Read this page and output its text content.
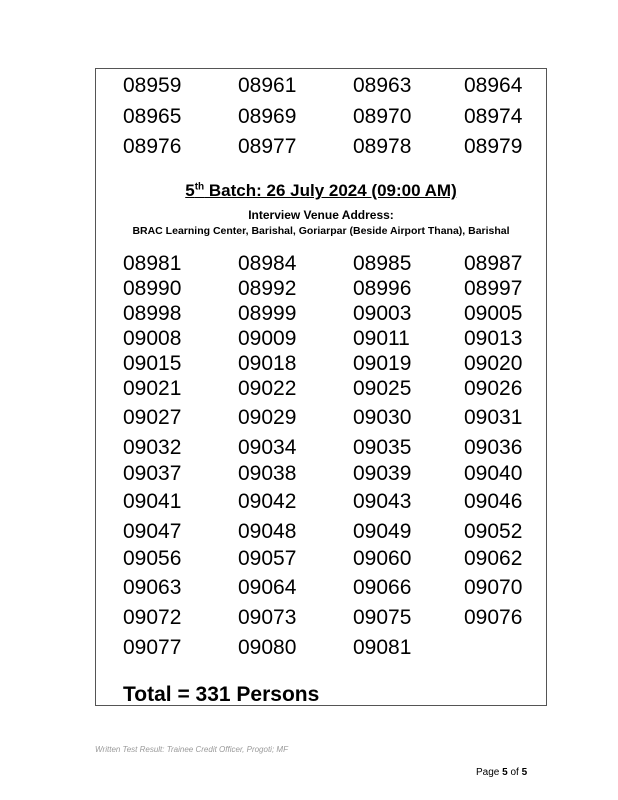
08959	08961	08963	08964
08965	08969	08970	08974
08976	08977	08978	08979
5th Batch: 26 July 2024 (09:00 AM)
Interview Venue Address:
BRAC Learning Center, Barishal, Goriarpar (Beside Airport Thana), Barishal
08981	08984	08985	08987
08990	08992	08996	08997
08998	08999	09003	09005
09008	09009	09011	09013
09015	09018	09019	09020
09021	09022	09025	09026
09027	09029	09030	09031
09032	09034	09035	09036
09037	09038	09039	09040
09041	09042	09043	09046
09047	09048	09049	09052
09056	09057	09060	09062
09063	09064	09066	09070
09072	09073	09075	09076
09077	09080	09081
Total = 331 Persons
Written Test Result: Trainee Credit Officer, Progoti; MF
Page 5 of 5
